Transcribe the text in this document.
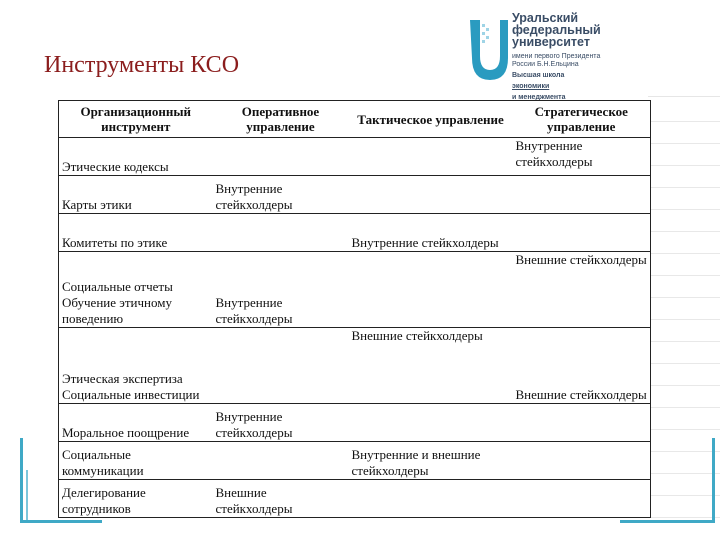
Инструменты КСО
Уральский
федеральный
университет
имени первого Президента
России Б.Н.Ельцина
Высшая школа
экономики
и менеджмента
Организационный инструмент	Оперативное управление	Тактическое управление	Стратегическое управление
Этические кодексы			Внутренние стейкхолдеры
Карты этики	Внутренние стейкхолдеры		
Комитеты по этике		Внутренние стейкхолдеры	
Социальные отчеты Обучение этичному поведению	Внутренние стейкхолдеры		Внешние стейкхолдеры
Этическая экспертиза Социальные инвестиции		Внешние стейкхолдеры	Внешние стейкхолдеры
Моральное поощрение	Внутренние стейкхолдеры		
Социальные коммуникации		Внутренние и внешние стейкхолдеры	
Делегирование сотрудников	Внешние стейкхолдеры		
